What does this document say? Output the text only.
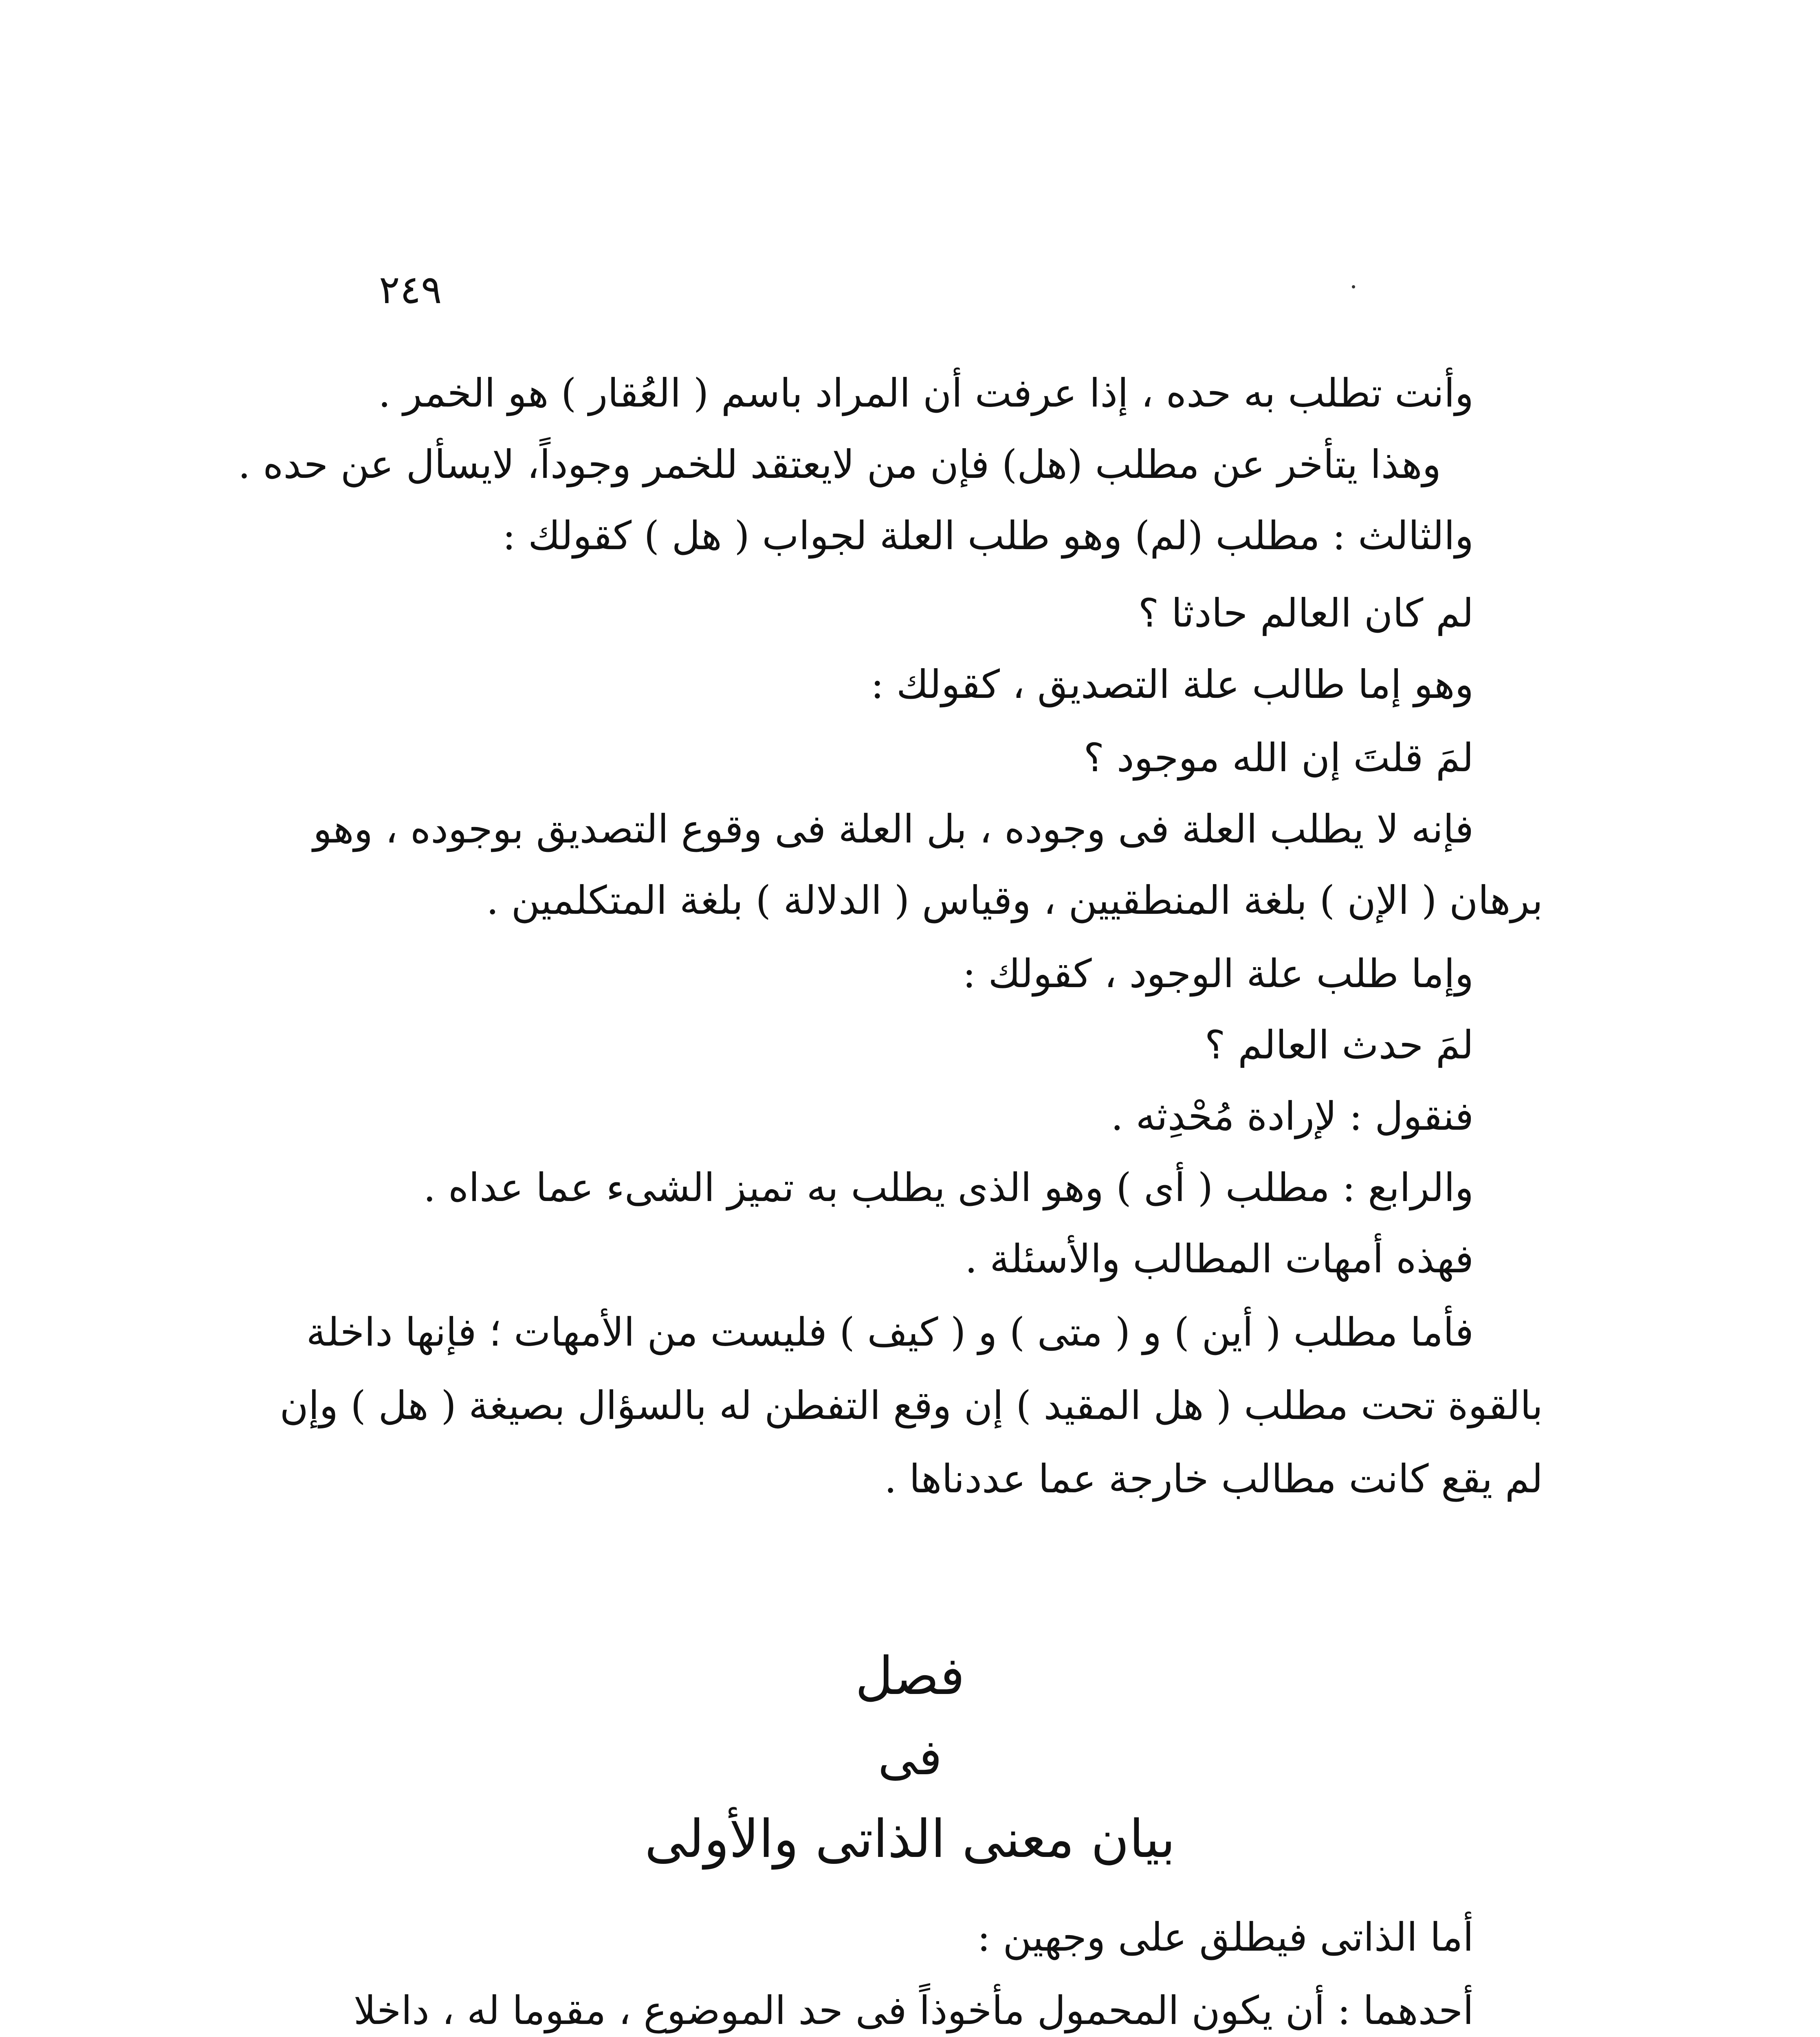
٢٤٩
وأنت تطلب به حده ، إذا عرفت أن المراد باسم ( العُقار ) هو الخمر .
وهذا يتأخر عن مطلب (هل) فإن من لايعتقد للخمر وجوداً، لايسأل عن حده .
والثالث : مطلب (لم) وهو طلب العلة لجواب ( هل ) كقولك :
لم كان العالم حادثا ؟
وهو إما طالب علة التصديق ، كقولك :
لمَ قلتَ إن الله موجود ؟
فإنه لا يطلب العلة فى وجوده ، بل العلة فى وقوع التصديق بوجوده ، وهو
برهان ( الإن ) بلغة المنطقيين ، وقياس ( الدلالة ) بلغة المتكلمين .
وإما طلب علة الوجود ، كقولك :
لمَ حدث العالم ؟
فنقول : لإرادة مُحْدِثه .
والرابع : مطلب ( أى ) وهو الذى يطلب به تميز الشىء عما عداه .
فهذه أمهات المطالب والأسئلة .
فأما مطلب ( أين ) و ( متى ) و ( كيف ) فليست من الأمهات ؛ فإنها داخلة
بالقوة تحت مطلب ( هل المقيد ) إن وقع التفطن له بالسؤال بصيغة ( هل ) وإن
لم يقع كانت مطالب خارجة عما عددناها .
فصل
فى
بيان معنى الذاتى والأولى
أما الذاتى فيطلق على وجهين :
أحدهما : أن يكون المحمول مأخوذاً فى حد الموضوع ، مقوما له ، داخلا
